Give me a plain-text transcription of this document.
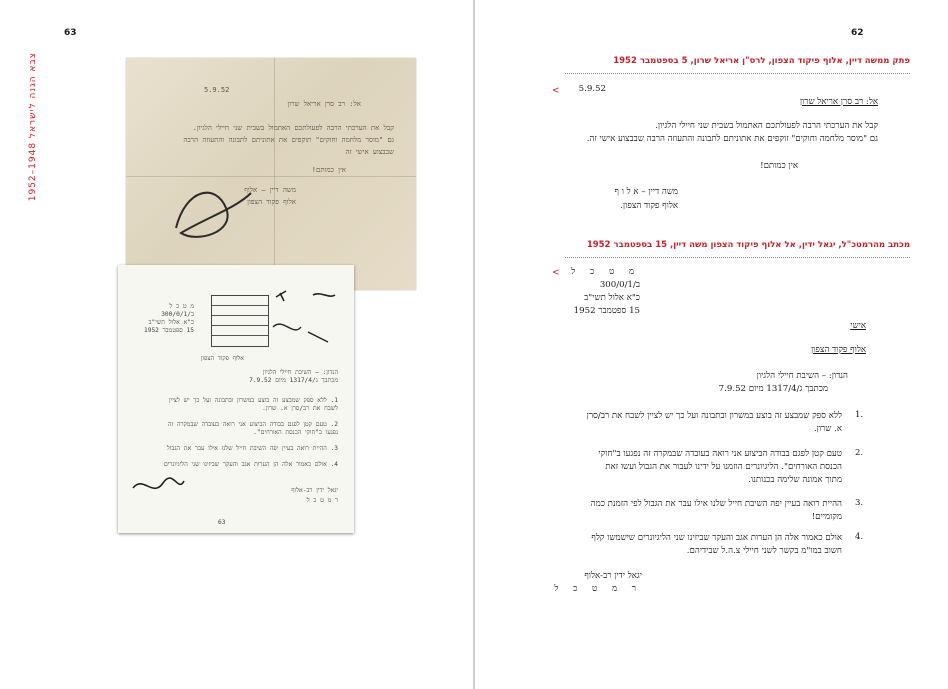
63
1952–1948 צבא הגנה לישראל	5.9.52
אל: רב סרן אריאל שרון
קבל את הערכתי הרבה לפעולתכם האתמול בשבית שני חיילי הלגיון.
גם "מוסר מלחמה וחוקים" תוקפים את אתוניתם לתבונה והתעוזה הרבה
שבבצוע אישי זה
אין כמותם!
משה דיין – אלוף
אלוף פקוד הצפון
מ ט כ ל
ב/300/0/1
כ"א אלול תשי"ב
15 ספטמבר 1952
אלוף פקוד הצפון
הנדון: – השיבת חיילי הלגיון
מכתבך ג/1317/4 מיום 7.9.52
1. ללא ספק שמבצע זה בוצע במשרון ובתבונה ועל כך יש לציין
לשבח את רב/סרן א. שרון.
2. טעם קטן לפגם בבודה הביצוע אני רואה בעובדה שבמקרה זה
נפגעו ב"חוקי הכנסת האורחים".
3. ההיית רואה בעיין יפה השיבת חייל שלנו אילו עבר את הגבול
4. אולם כאמור אלה הן הערות אגב והעקר שביזינו שני הליגיונרים
יגאל ידין רב-אלוף
ר מ ט כ ל
63
62
פתק ממשה דיין, אלוף פיקוד הצפון, לרס"ן אריאל שרון, 5 בספטמבר 1952
< 5.9.52
אל: רב סרן אריאל שרון
קבל את הערכתי הרבה לפעולתכם האתמול בשבית שני חיילי הלגיון.
גם "מוסר מלחמה וחוקים" זוקפים את אתוניתם לתבונה והתעוזה הרבה שבבצוע אישי זה.
אין כמותם!
משה דיין – א ל ו ף
אלוף פקוד הצפון.
מכתב מהרמטכ"ל, יגאל ידין, אל אלוף פיקוד הצפון משה דיין, 15 בספטמבר 1952
< מ ט כ ל
ב/300/0/1
כ"א אלול תשי"ב
15 ספטמבר 1952
אישי
אלוף פקוד הצפון
הנדון: – השיבת חיילי הלגיון
מכתבך ג/1317/4 מיום 7.9.52
1.
ללא ספק שמבצע זה בוצע במשרון ובתבונה ועל כך יש לציין לשבח את רב/סרן
א. שרון.
2.
טעם קטן לפגם בבודה הביצוע אני רואה בעובדה שבמקרה זה נפגעו ב"חוקי
הכנסת האורחים". הליגיונרים הוזמנו על ידינו לעבור את הגבול ועשו זאת
מתוך אמונה שלימה בכנותנו.
3.
ההיית רואה בעיין יפה השיבת חייל שלנו אילו עבר את הגבול לפי הזמנת כמה
מקומיים!
4.
אולם כאמור אלה הן הערות אגב והעקר שביזינו שני הליגיונרים שישמשו קלף
חשוב במו"מ בקשר לשני חיילי צ.ה.ל שבידיהם.
יגאל ידין רב-אלוף
ר מ ט כ ל
